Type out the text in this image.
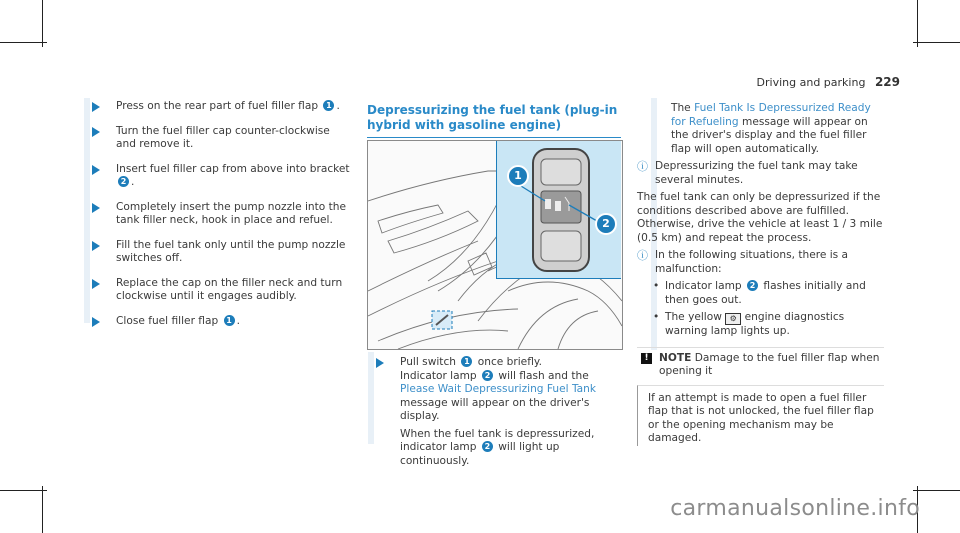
Driving and parking 229
Press on the rear part of fuel filler flap 1 .
Turn the fuel filler cap counter-clockwise and remove it.
Insert fuel filler cap from above into bracket 2 .
Completely insert the pump nozzle into the tank filler neck, hook in place and refuel.
Fill the fuel tank only until the pump nozzle switches off.
Replace the cap on the filler neck and turn clockwise until it engages audibly.
Close fuel filler flap 1 .
Depressurizing the fuel tank (plug-in hybrid with gasoline engine)
1
2
Pull switch 1 once briefly.
Indicator lamp 2 will flash and the Please Wait Depressurizing Fuel Tank message will appear on the driver's display.
When the fuel tank is depressurized, indicator lamp 2 will light up continuously.
The Fuel Tank Is Depressurized Ready for Refueling message will appear on the driver's display and the fuel filler flap will open automatically.
ⓘ Depressurizing the fuel tank may take several minutes.
The fuel tank can only be depressurized if the conditions described above are fulfilled. Otherwise, drive the vehicle at least 1 / 3 mile (0.5 km) and repeat the process.
ⓘ In the following situations, there is a malfunction:
• Indicator lamp 2 flashes initially and then goes out.
• The yellow ⚙ engine diagnostics warning lamp lights up.
! NOTE Damage to the fuel filler flap when opening it
If an attempt is made to open a fuel filler flap that is not unlocked, the fuel filler flap or the opening mechanism may be damaged.
carmanualsonline.info
